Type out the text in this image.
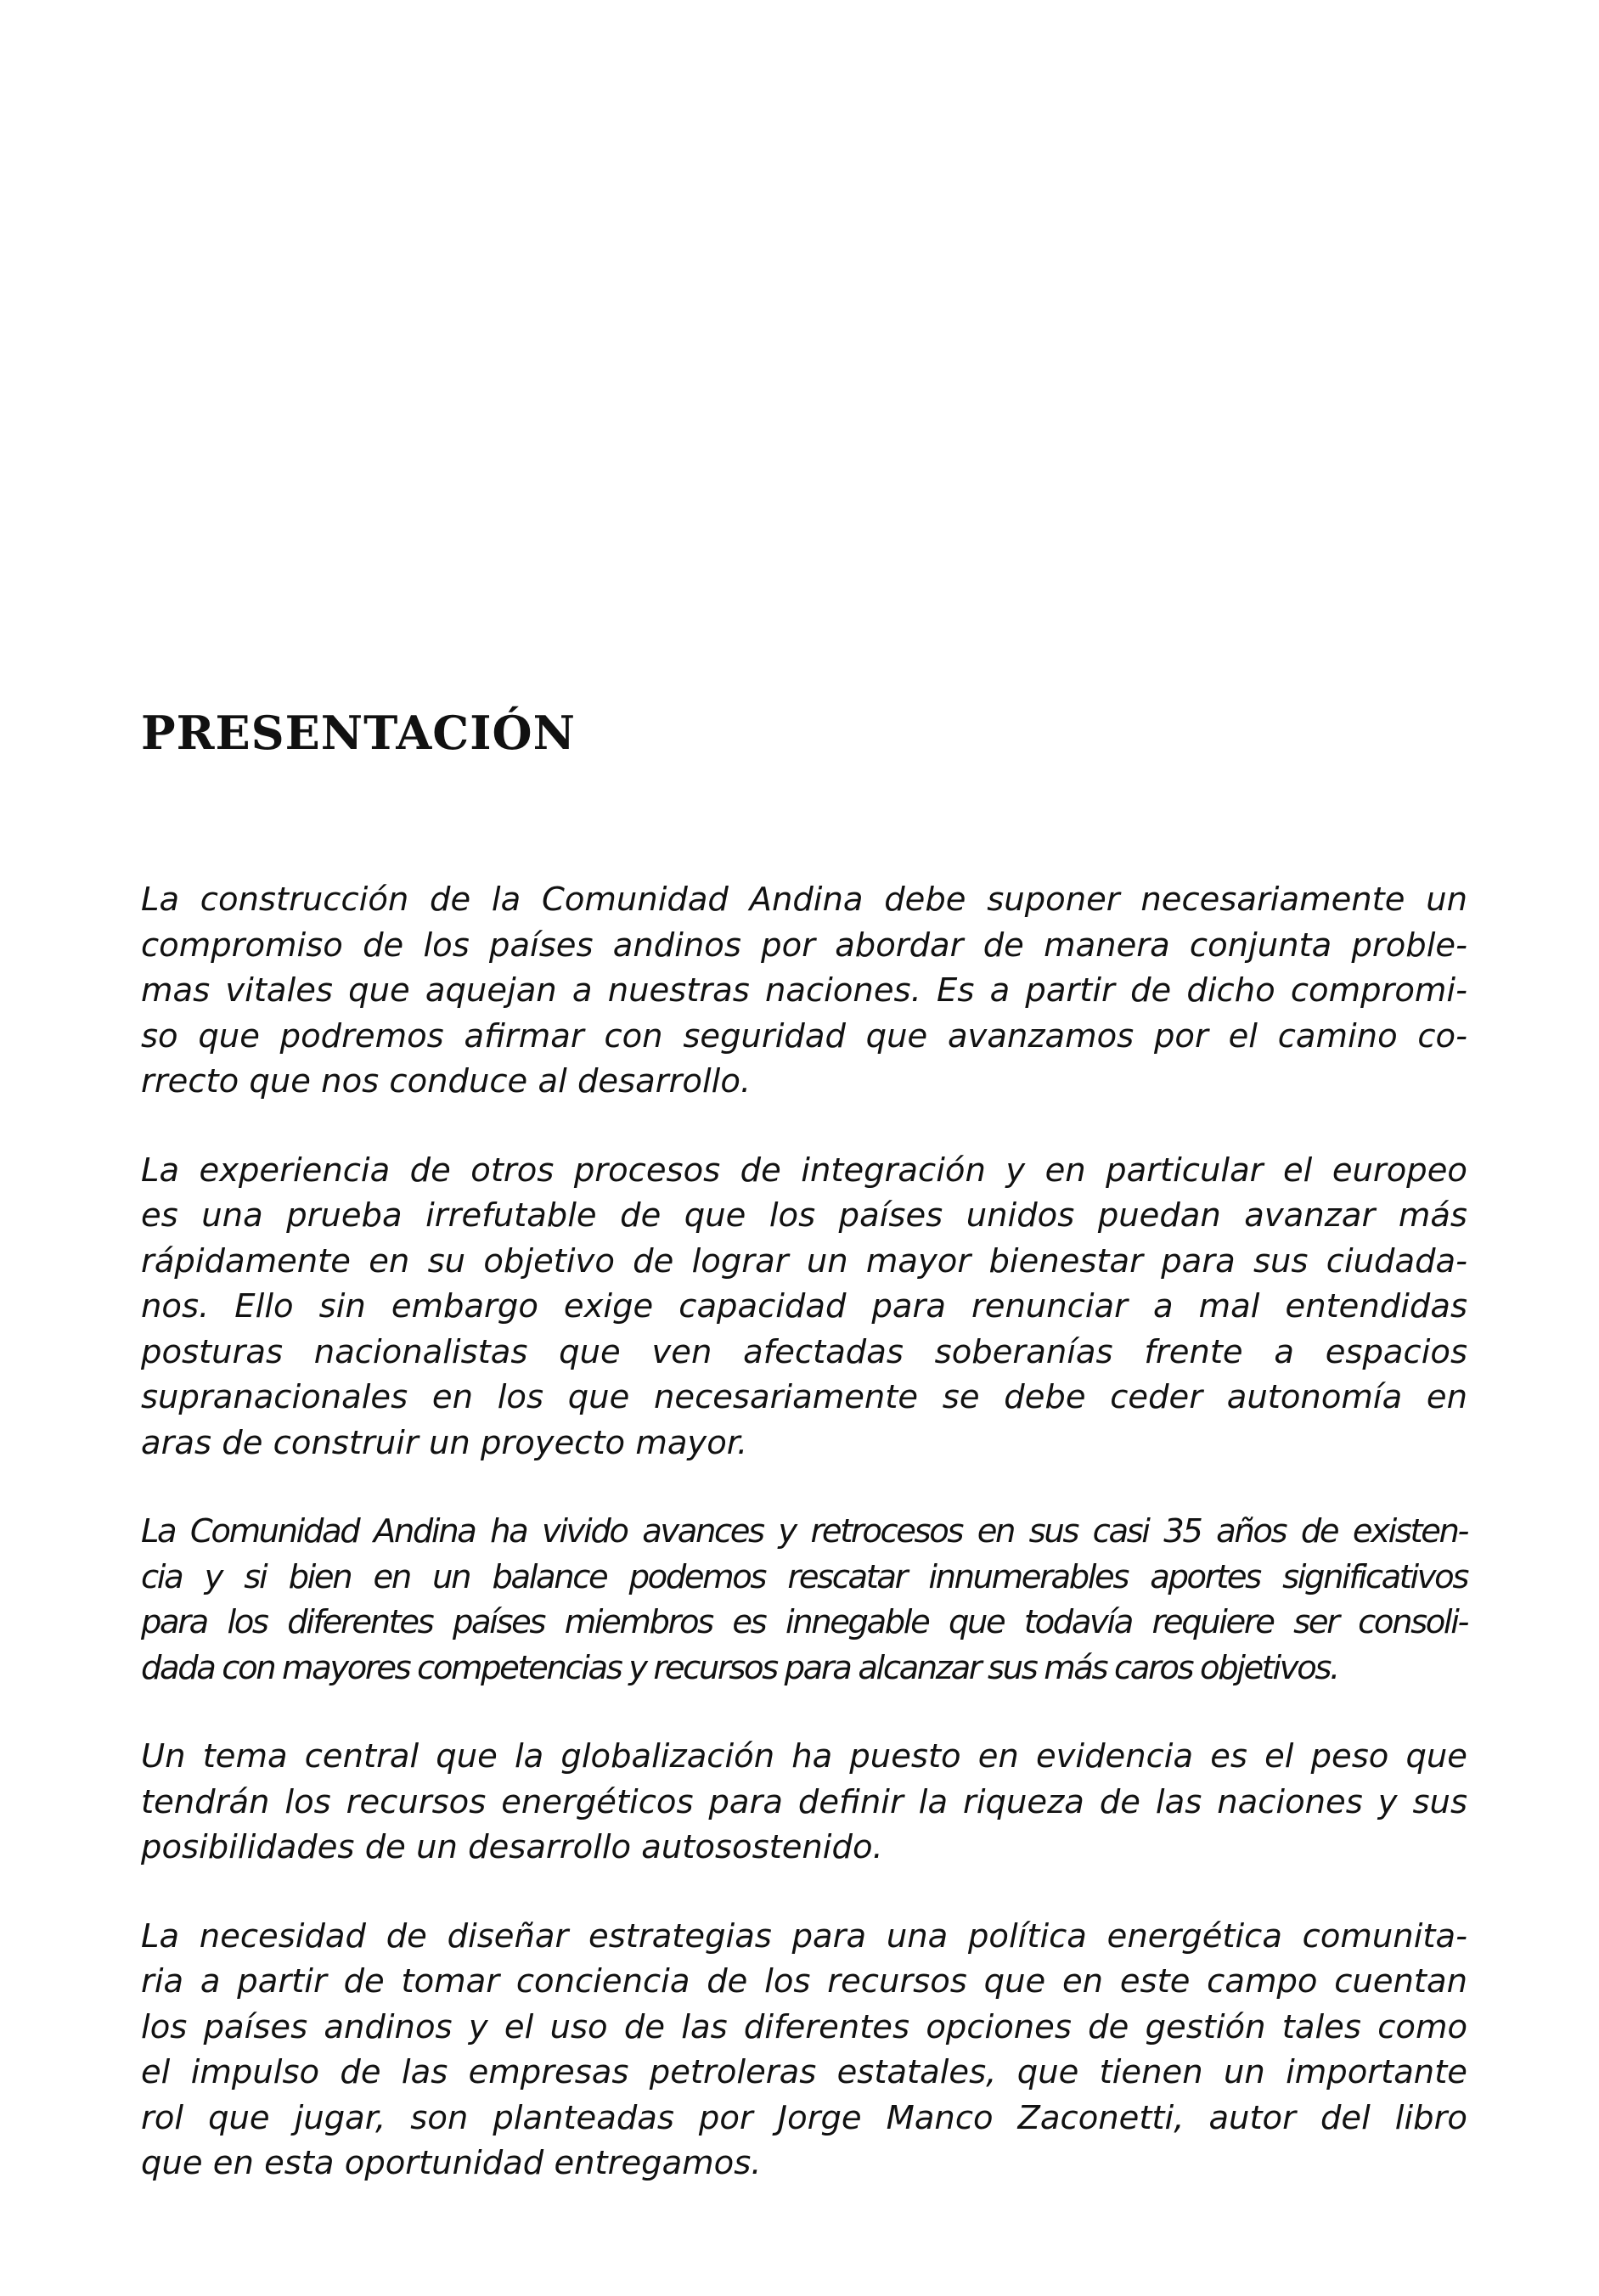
PRESENTACIÓN

La construcción de la Comunidad Andina debe suponer necesariamente un
compromiso de los países andinos por abordar de manera conjunta proble-
mas vitales que aquejan a nuestras naciones. Es a partir de dicho compromi-
so que podremos afirmar con seguridad que avanzamos por el camino co-
rrecto que nos conduce al desarrollo.

La experiencia de otros procesos de integración y en particular el europeo
es una prueba irrefutable de que los países unidos puedan avanzar más
rápidamente en su objetivo de lograr un mayor bienestar para sus ciudada-
nos. Ello sin embargo exige capacidad para renunciar a mal entendidas
posturas nacionalistas que ven afectadas soberanías frente a espacios
supranacionales en los que necesariamente se debe ceder autonomía en
aras de construir un proyecto mayor.

La Comunidad Andina ha vivido avances y retrocesos en sus casi 35 años de existen-
cia y si bien en un balance podemos rescatar innumerables aportes significativos
para los diferentes países miembros es innegable que todavía requiere ser consoli-
dada con mayores competencias y recursos para alcanzar sus más caros objetivos.

Un tema central que la globalización ha puesto en evidencia es el peso que
tendrán los recursos energéticos para definir la riqueza de las naciones y sus
posibilidades de un desarrollo autosostenido.

La necesidad de diseñar estrategias para una política energética comunita-
ria a partir de tomar conciencia de los recursos que en este campo cuentan
los países andinos y el uso de las diferentes opciones de gestión tales como
el impulso de las empresas petroleras estatales, que tienen un importante
rol que jugar, son planteadas por Jorge Manco Zaconetti, autor del libro
que en esta oportunidad entregamos.
